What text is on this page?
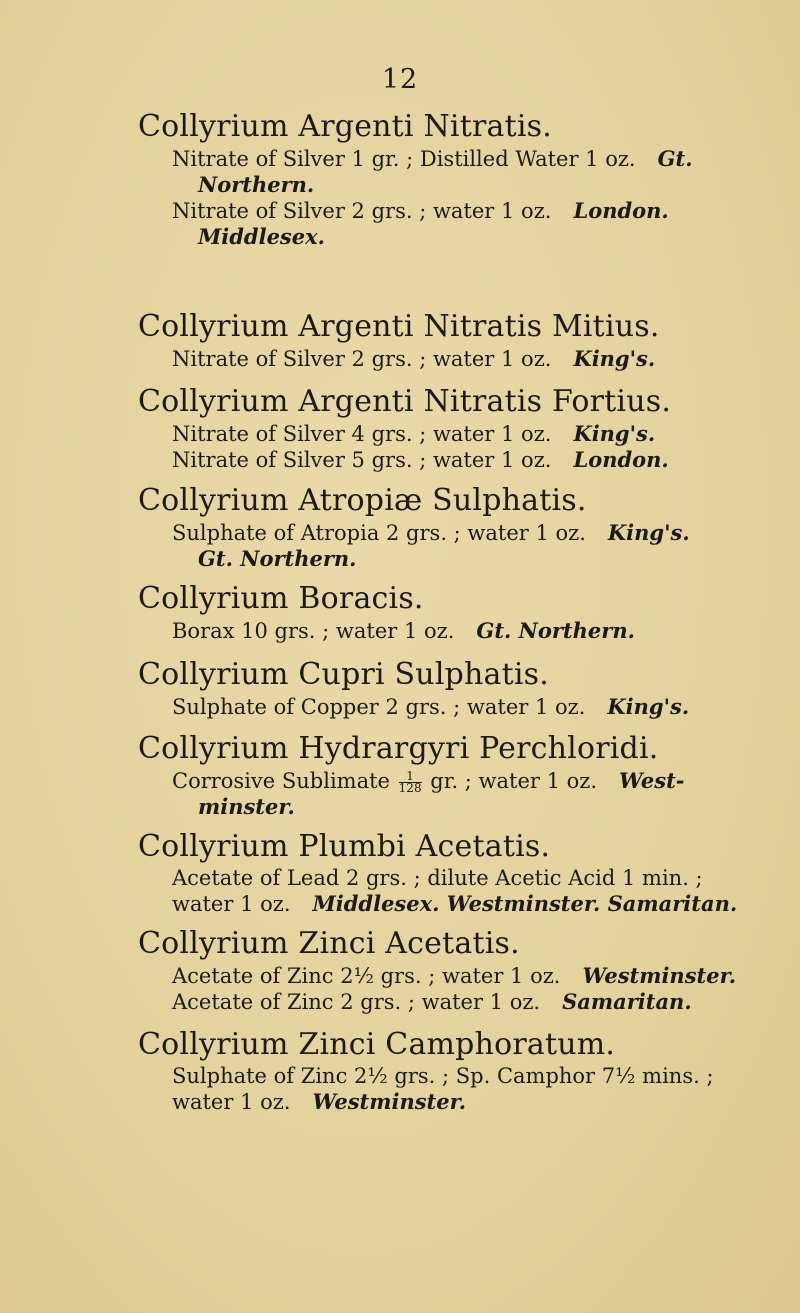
12
Collyrium Argenti Nitratis.
Nitrate of Silver 1 gr. ; Distilled Water 1 oz. Gt.
Northern.
Nitrate of Silver 2 grs. ; water 1 oz. London.
Middlesex.
Collyrium Argenti Nitratis Mitius.
Nitrate of Silver 2 grs. ; water 1 oz. King's.
Collyrium Argenti Nitratis Fortius.
Nitrate of Silver 4 grs. ; water 1 oz. King's.
Nitrate of Silver 5 grs. ; water 1 oz. London.
Collyrium Atropiæ Sulphatis.
Sulphate of Atropia 2 grs. ; water 1 oz. King's.
Gt. Northern.
Collyrium Boracis.
Borax 10 grs. ; water 1 oz. Gt. Northern.
Collyrium Cupri Sulphatis.
Sulphate of Copper 2 grs. ; water 1 oz. King's.
Collyrium Hydrargyri Perchloridi.
Corrosive Sublimate $\frac{1}{128}$ gr. ; water 1 oz. West-
minster.
Collyrium Plumbi Acetatis.
Acetate of Lead 2 grs. ; dilute Acetic Acid 1 min. ;
water 1 oz. Middlesex. Westminster. Samaritan.
Collyrium Zinci Acetatis.
Acetate of Zinc 2½ grs. ; water 1 oz. Westminster.
Acetate of Zinc 2 grs. ; water 1 oz. Samaritan.
Collyrium Zinci Camphoratum.
Sulphate of Zinc 2½ grs. ; Sp. Camphor 7½ mins. ;
water 1 oz. Westminster.
